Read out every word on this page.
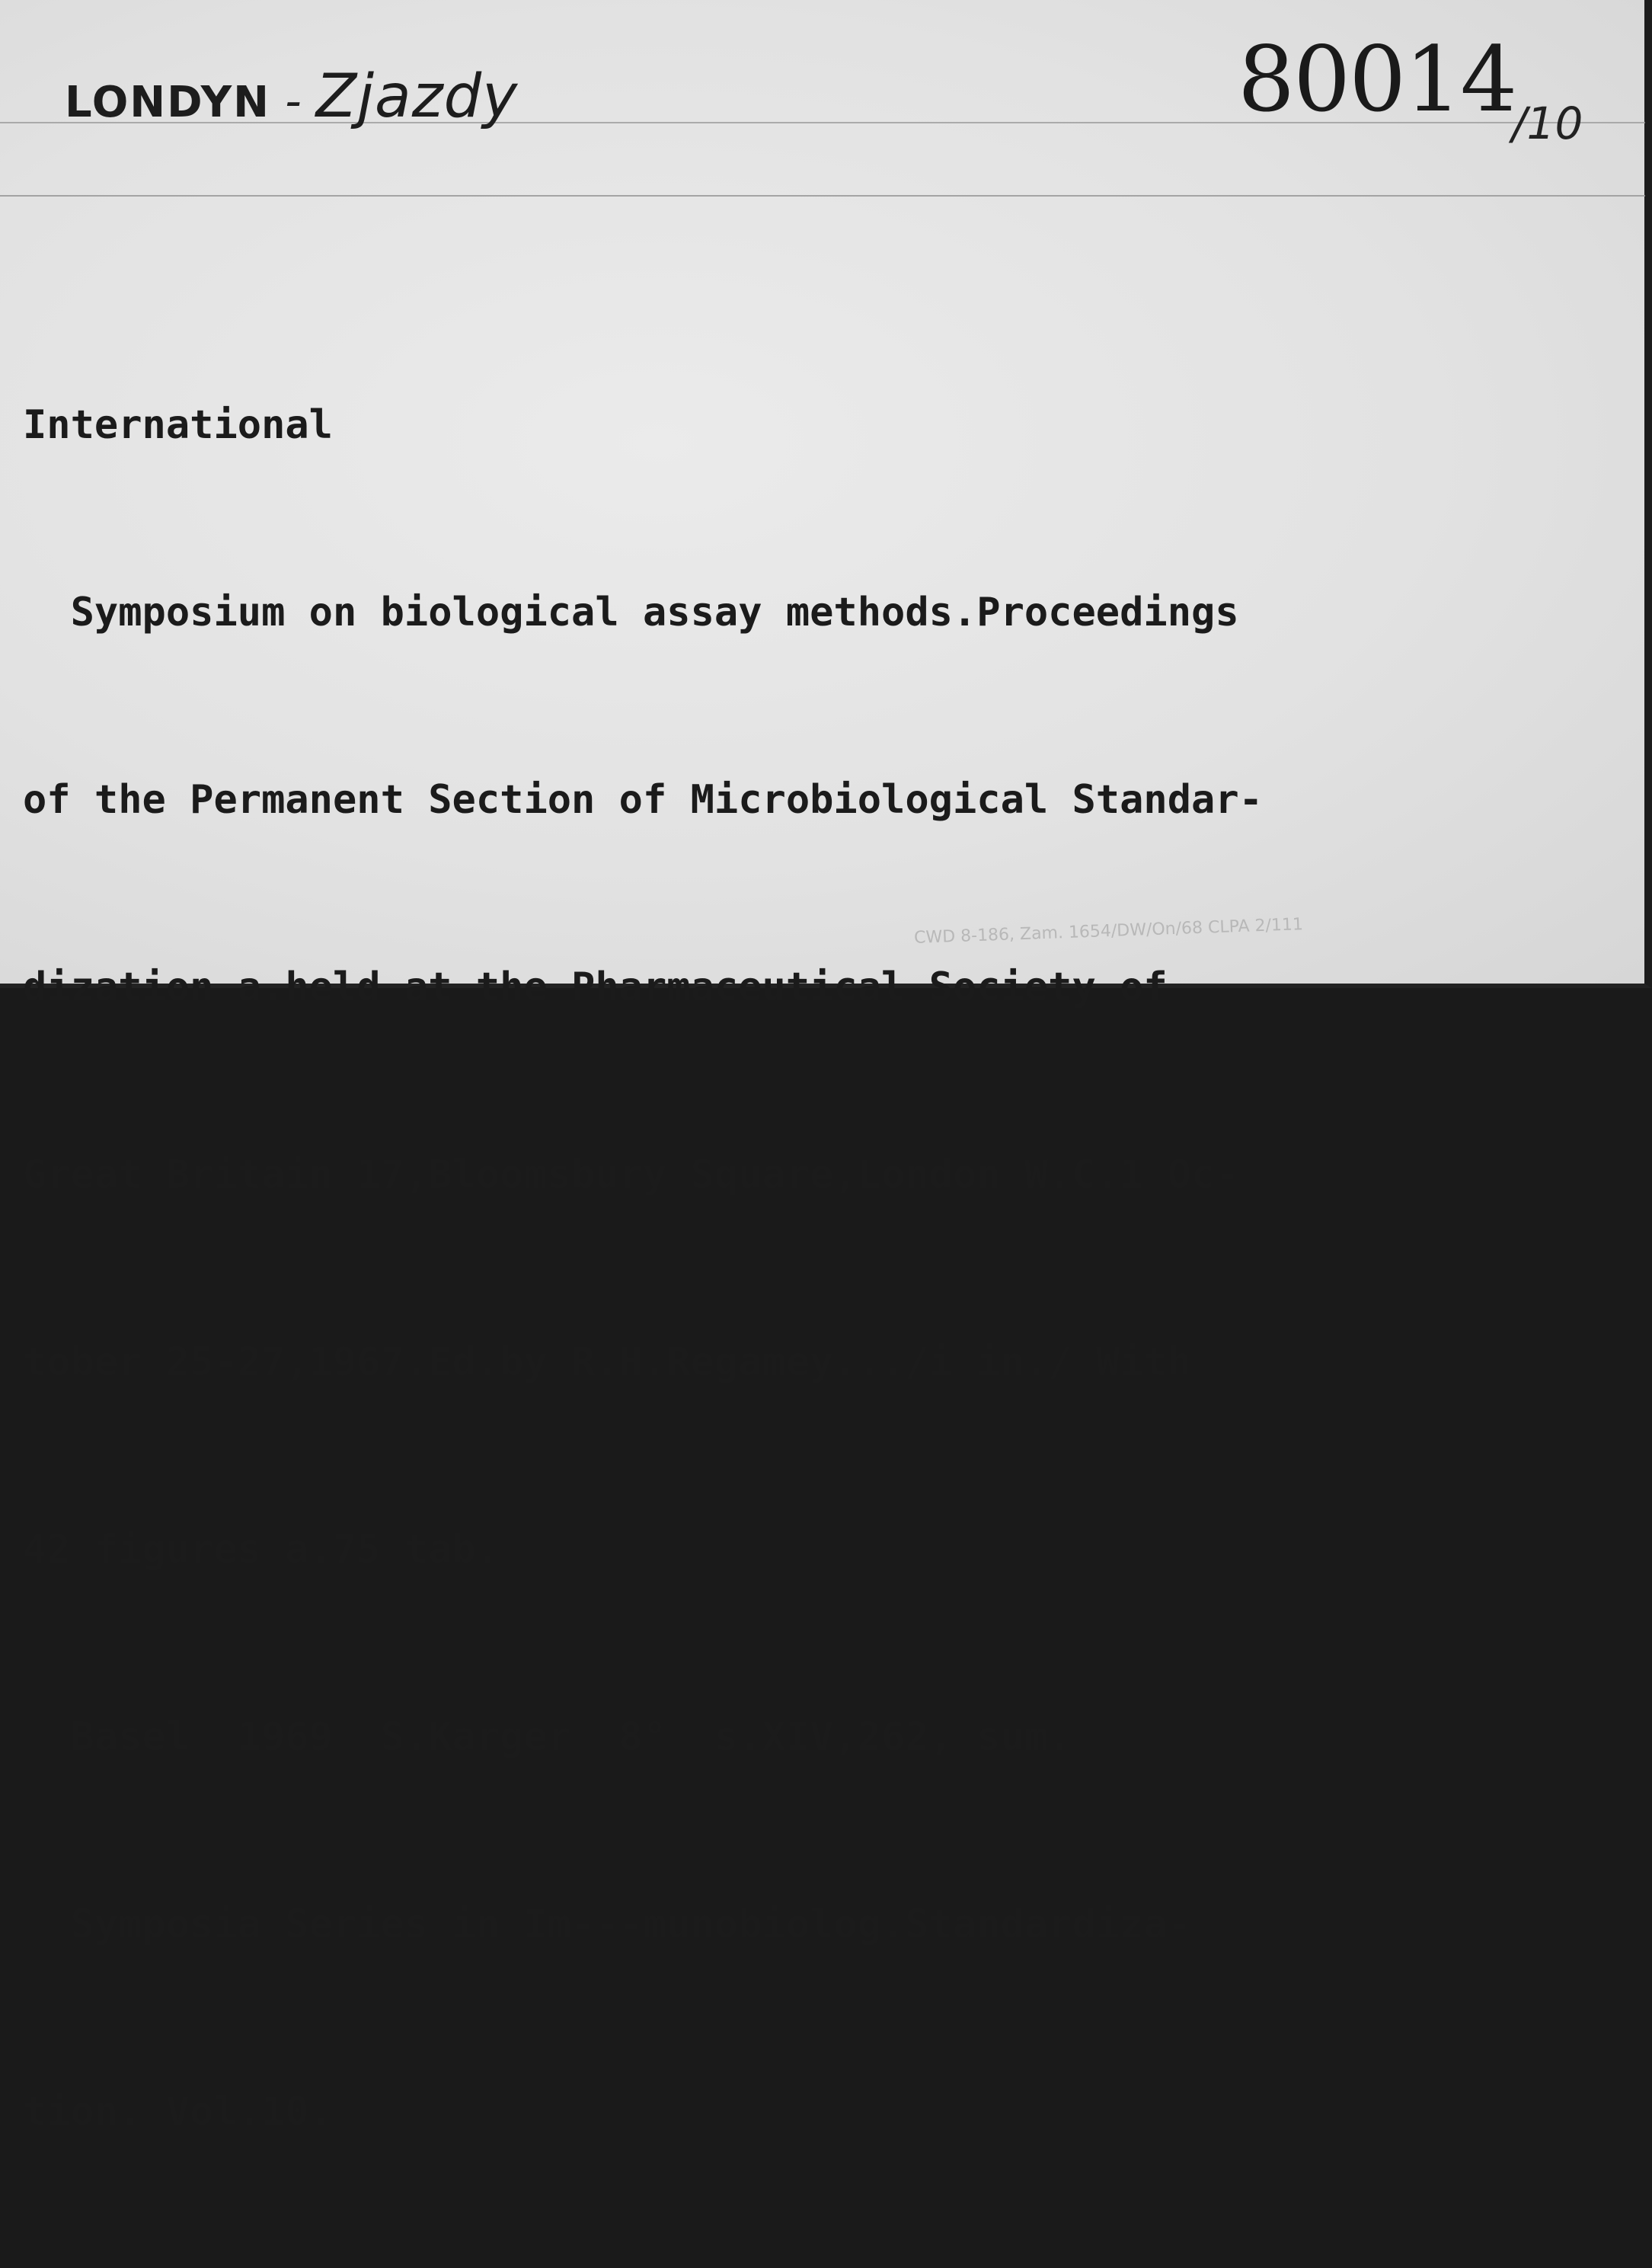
LONDYN - Zjazdy	80014
/10

International

Symposium on biological assay methods.Proceedings

of the Permanent Section of Microbiological Standar-

dization a.held at the Pharmaceutical Society of

Great Britain 17,Bloomsbury Square,London W.C.1 Oc-

tober 25-27,1967.Ed.by R.H.Regamey.../i in./ With

42 figures a.75 tab.

Basel  1969  S.Karger  8°  s.XIV,262, sum.

Symposia Series in Im---munobiolog.Standardiza-

tion. Vol.10.

CWD 8-186, Zam. 1654/DW/On/68 CLPA 2/111
